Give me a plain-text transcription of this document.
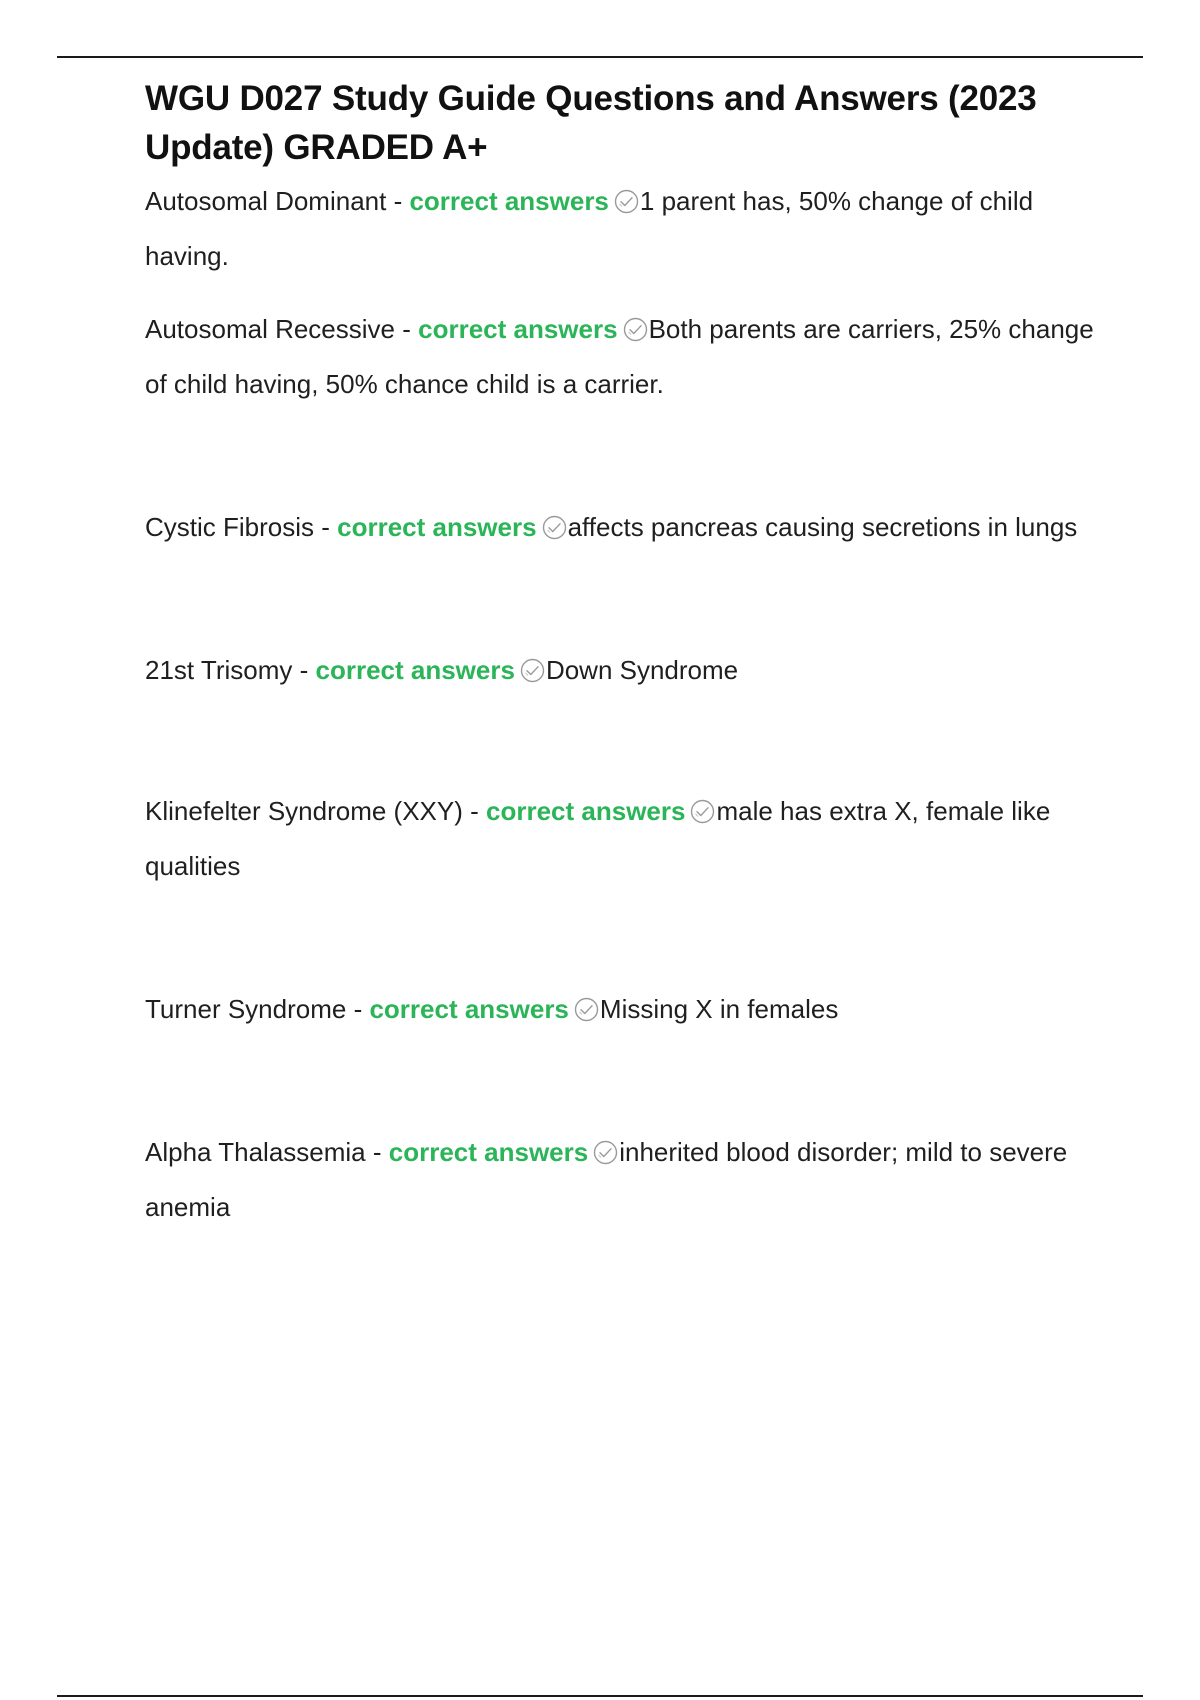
WGU D027 Study Guide Questions and Answers (2023 Update) GRADED A+

Autosomal Dominant - correct answers 1 parent has, 50% change of child having.

Autosomal Recessive - correct answers Both parents are carriers, 25% change of child having, 50% chance child is a carrier.

Cystic Fibrosis - correct answers affects pancreas causing secretions in lungs

21st Trisomy - correct answers Down Syndrome

Klinefelter Syndrome (XXY) - correct answers male has extra X, female like qualities

Turner Syndrome - correct answers Missing X in females

Alpha Thalassemia - correct answers inherited blood disorder; mild to severe anemia
